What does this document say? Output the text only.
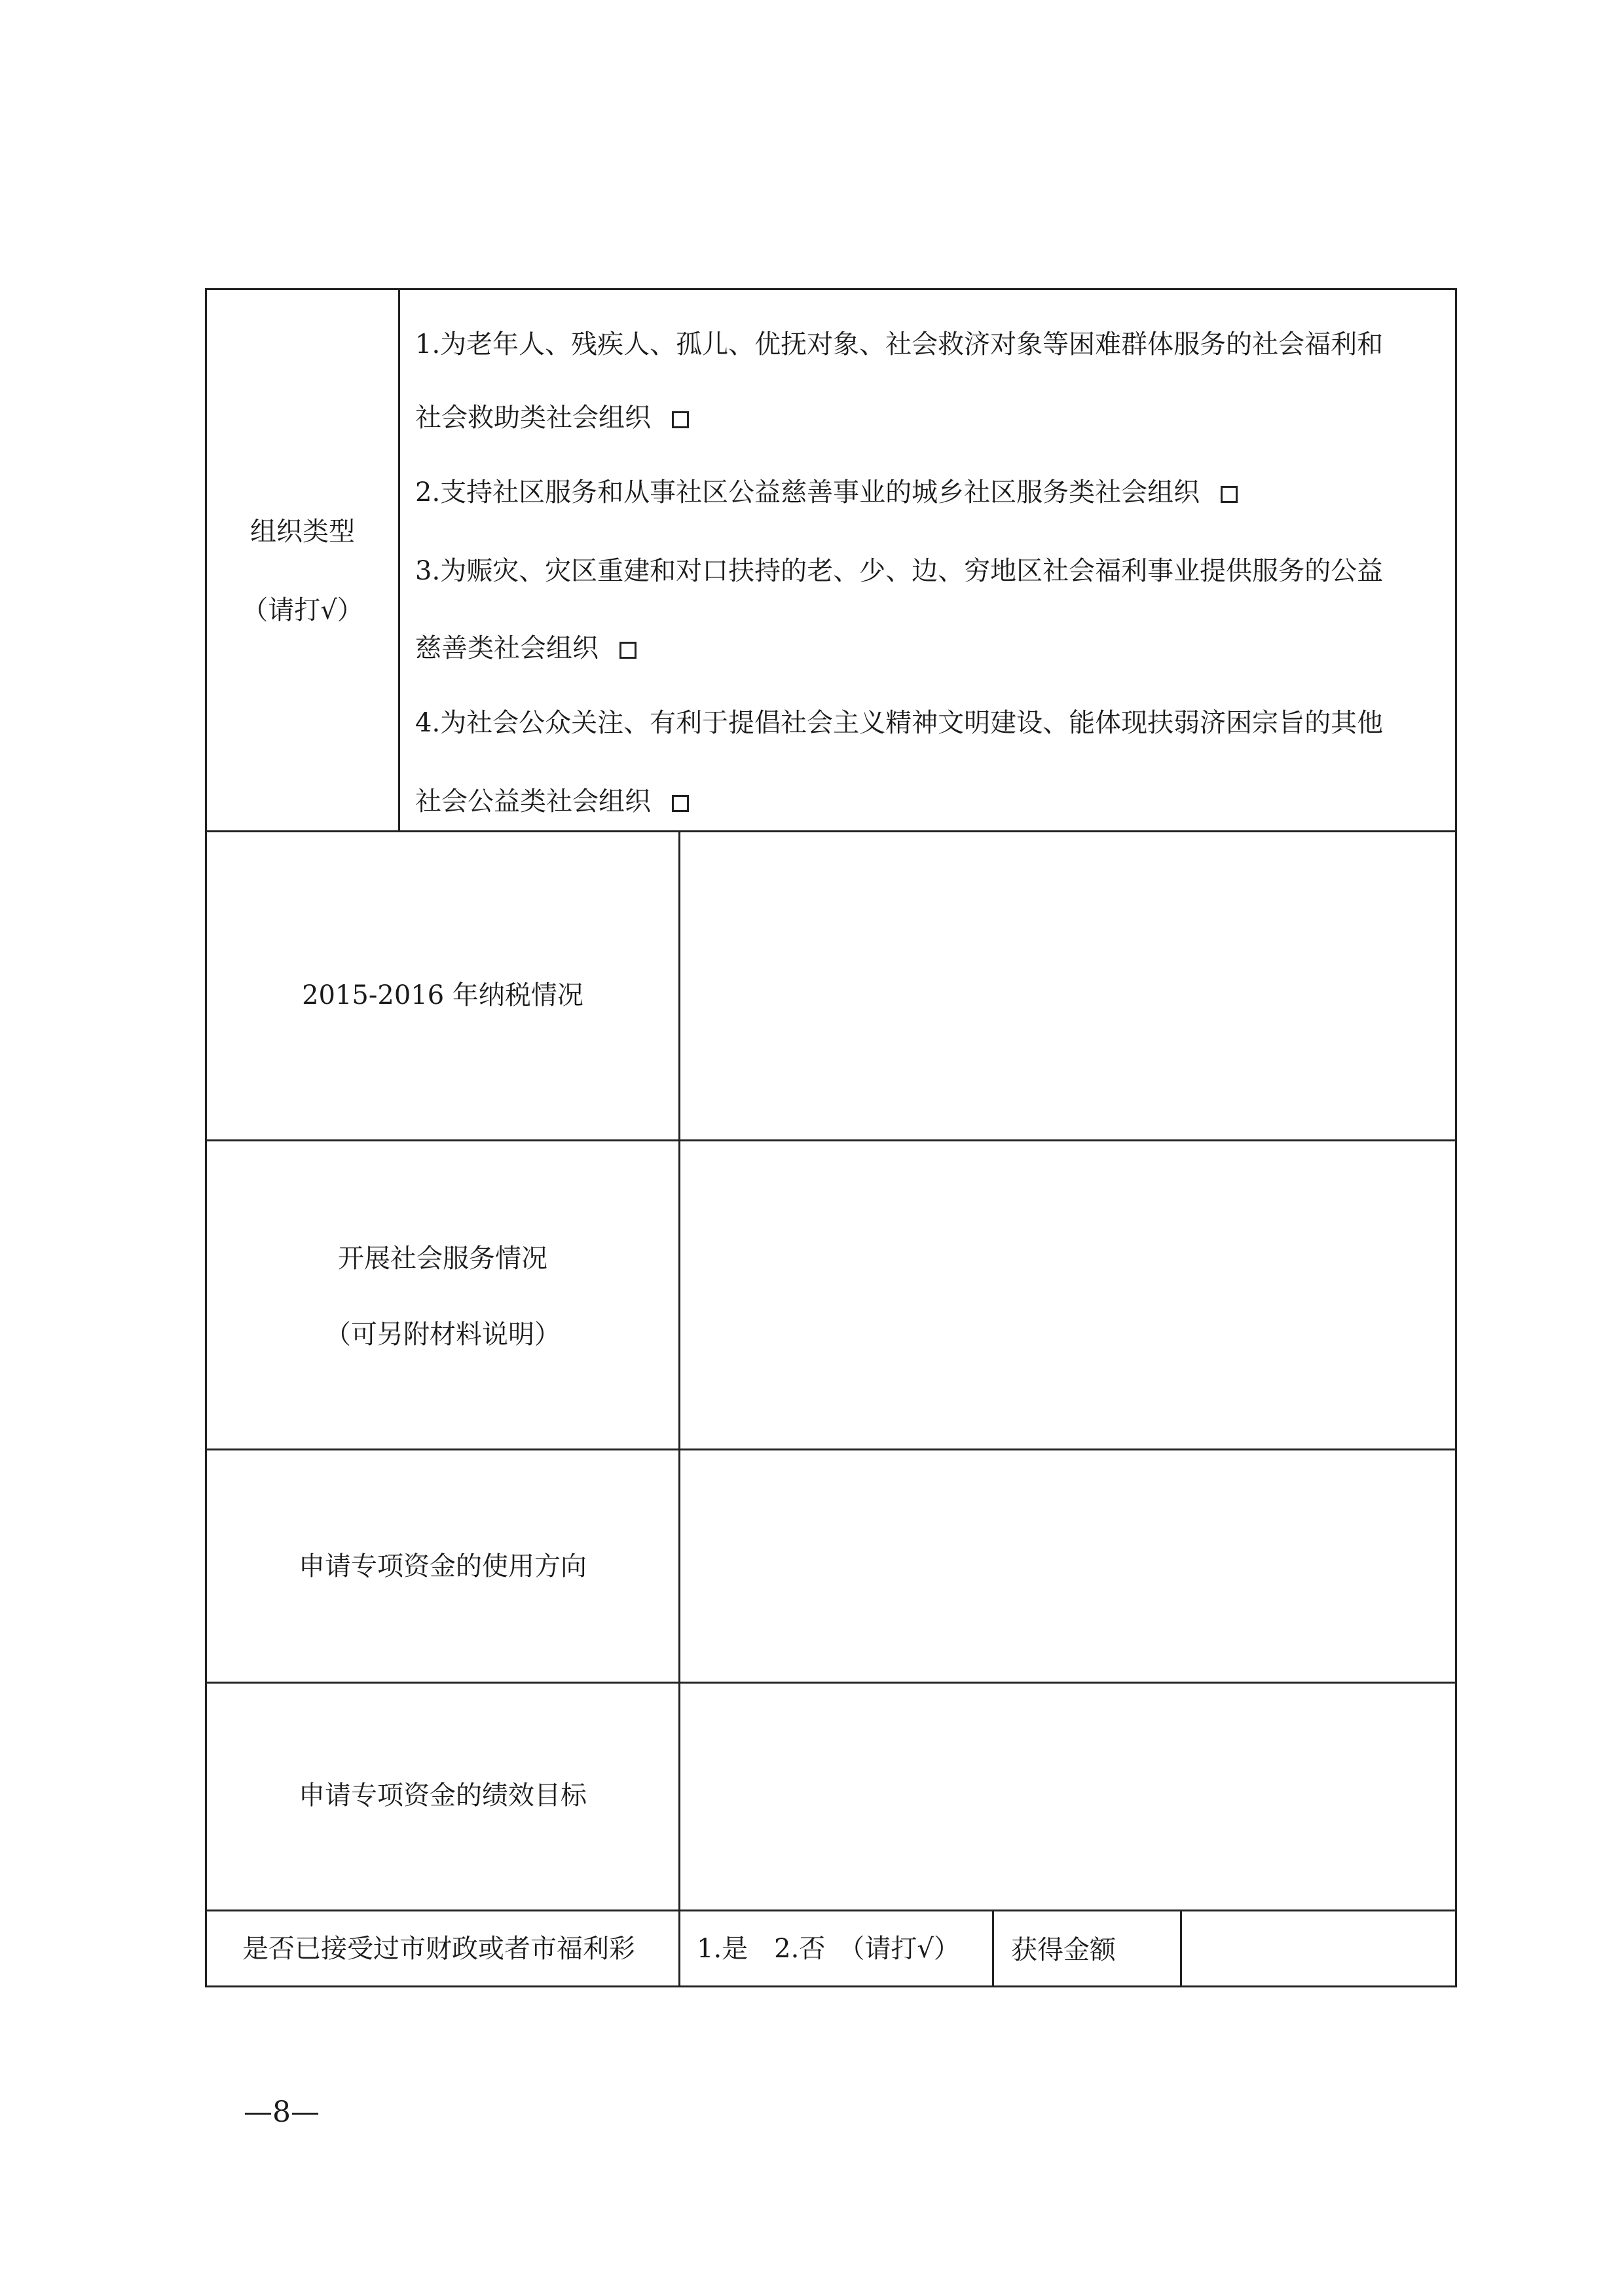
组织类型
（请打√）
1.为老年人、残疾人、孤儿、优抚对象、社会救济对象等困难群体服务的社会福利和
社会救助类社会组织
2.支持社区服务和从事社区公益慈善事业的城乡社区服务类社会组织
3.为赈灾、灾区重建和对口扶持的老、少、边、穷地区社会福利事业提供服务的公益
慈善类社会组织
4.为社会公众关注、有利于提倡社会主义精神文明建设、能体现扶弱济困宗旨的其他
社会公益类社会组织
2015-2016 年纳税情况
开展社会服务情况
（可另附材料说明）
申请专项资金的使用方向
申请专项资金的绩效目标
是否已接受过市财政或者市福利彩 1.是　2.否　（请打√） 获得金额
—8—
